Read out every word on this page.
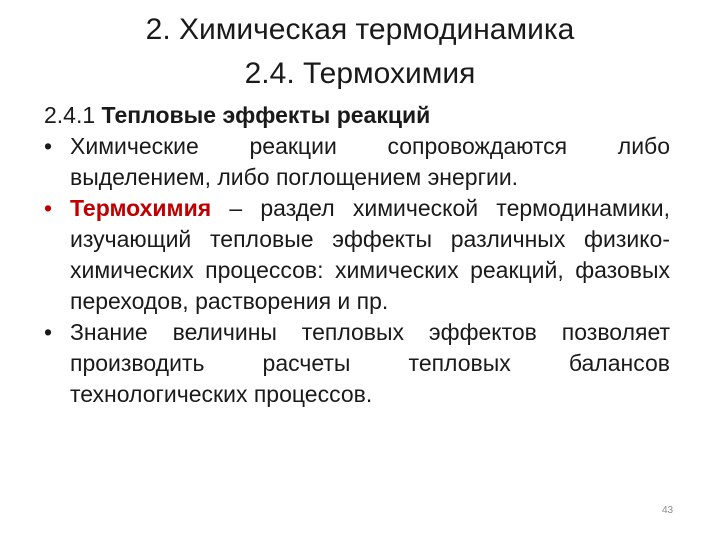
2. Химическая термодинамика
2.4. Термохимия
2.4.1 Тепловые эффекты реакций
• Химические реакции сопровождаются либо выделением, либо поглощением энергии.
• Термохимия – раздел химической термодинамики, изучающий тепловые эффекты различных физико-химических процессов: химических реакций, фазовых переходов, растворения и пр.
• Знание величины тепловых эффектов позволяет производить расчеты тепловых балансов технологических процессов.
43
